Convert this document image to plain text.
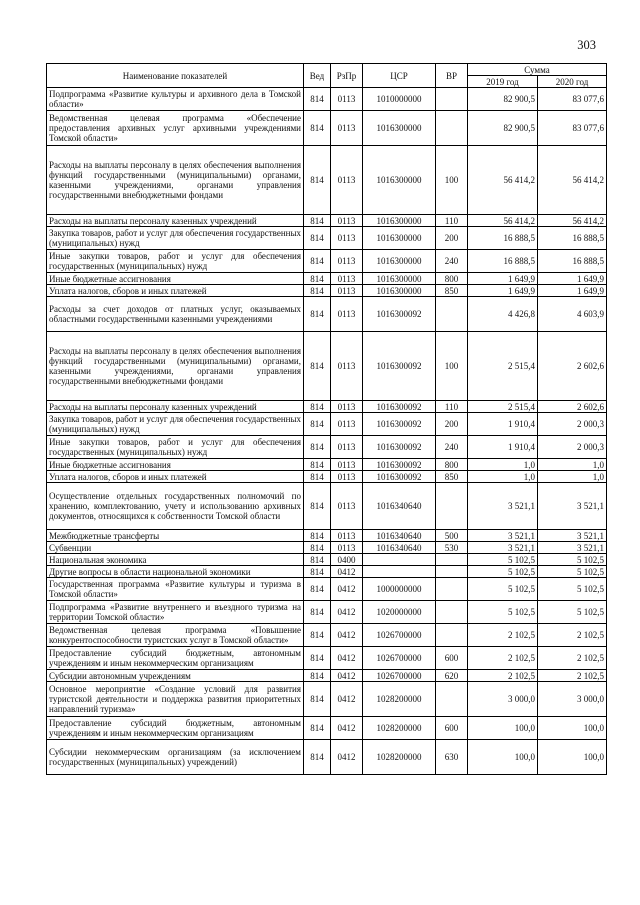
303
Наименование показателей	Вед	РзПр	ЦСР	ВР	Сумма	
					2019 год	2020 год
Подпрограмма «Развитие культуры и архивного дела в Томской области»	814	0113	1010000000		82 900,5	83 077,6
Ведомственная целевая программа «Обеспечение предоставления архивных услуг архивными учреждениями Томской области»	814	0113	1016300000		82 900,5	83 077,6
Расходы на выплаты персоналу в целях обеспечения выполнения функций государственными (муниципальными) органами, казенными учреждениями, органами управления государственными внебюджетными фондами	814	0113	1016300000	100	56 414,2	56 414,2
Расходы на выплаты персоналу казенных учреждений	814	0113	1016300000	110	56 414,2	56 414,2
Закупка товаров, работ и услуг для обеспечения государственных (муниципальных) нужд	814	0113	1016300000	200	16 888,5	16 888,5
Иные закупки товаров, работ и услуг для обеспечения государственных (муниципальных) нужд	814	0113	1016300000	240	16 888,5	16 888,5
Иные бюджетные ассигнования	814	0113	1016300000	800	1 649,9	1 649,9
Уплата налогов, сборов и иных платежей	814	0113	1016300000	850	1 649,9	1 649,9
Расходы за счет доходов от платных услуг, оказываемых областными государственными казенными учреждениями	814	0113	1016300092		4 426,8	4 603,9
Расходы на выплаты персоналу в целях обеспечения выполнения функций государственными (муниципальными) органами, казенными учреждениями, органами управления государственными внебюджетными фондами	814	0113	1016300092	100	2 515,4	2 602,6
Расходы на выплаты персоналу казенных учреждений	814	0113	1016300092	110	2 515,4	2 602,6
Закупка товаров, работ и услуг для обеспечения государственных (муниципальных) нужд	814	0113	1016300092	200	1 910,4	2 000,3
Иные закупки товаров, работ и услуг для обеспечения государственных (муниципальных) нужд	814	0113	1016300092	240	1 910,4	2 000,3
Иные бюджетные ассигнования	814	0113	1016300092	800	1,0	1,0
Уплата налогов, сборов и иных платежей	814	0113	1016300092	850	1,0	1,0
Осуществление отдельных государственных полномочий по хранению, комплектованию, учету и использованию архивных документов, относящихся к собственности Томской области	814	0113	1016340640		3 521,1	3 521,1
Межбюджетные трансферты	814	0113	1016340640	500	3 521,1	3 521,1
Субвенции	814	0113	1016340640	530	3 521,1	3 521,1
Национальная экономика	814	0400			5 102,5	5 102,5
Другие вопросы в области национальной экономики	814	0412			5 102,5	5 102,5
Государственная программа «Развитие культуры и туризма в Томской области»	814	0412	1000000000		5 102,5	5 102,5
Подпрограмма «Развитие внутреннего и въездного туризма на территории Томской области»	814	0412	1020000000		5 102,5	5 102,5
Ведомственная целевая программа «Повышение конкурентоспособности туристских услуг в Томской области»	814	0412	1026700000		2 102,5	2 102,5
Предоставление субсидий бюджетным, автономным учреждениям и иным некоммерческим организациям	814	0412	1026700000	600	2 102,5	2 102,5
Субсидии автономным учреждениям	814	0412	1026700000	620	2 102,5	2 102,5
Основное мероприятие «Создание условий для развития туристской деятельности и поддержка развития приоритетных направлений туризма»	814	0412	1028200000		3 000,0	3 000,0
Предоставление субсидий бюджетным, автономным учреждениям и иным некоммерческим организациям	814	0412	1028200000	600	100,0	100,0
Субсидии некоммерческим организациям (за исключением государственных (муниципальных) учреждений)	814	0412	1028200000	630	100,0	100,0
